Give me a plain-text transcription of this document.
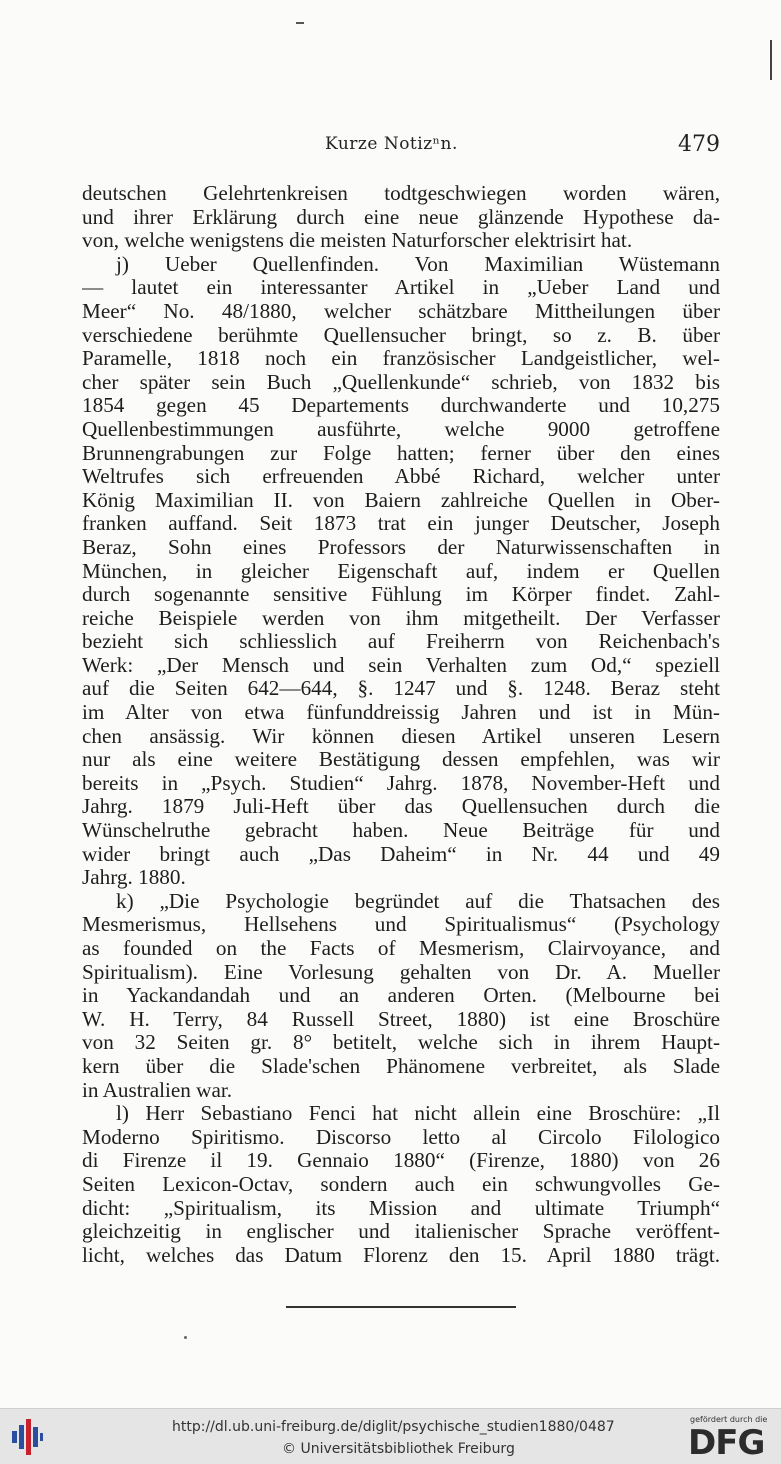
Kurze Notizⁿn.	479
deutschen Gelehrtenkreisen todtgeschwiegen worden wären,
und ihrer Erklärung durch eine neue glänzende Hypothese da-
von, welche wenigstens die meisten Naturforscher elektrisirt hat.
j) Ueber Quellenfinden. Von Maximilian Wüstemann
— lautet ein interessanter Artikel in „Ueber Land und
Meer“ No. 48/1880, welcher schätzbare Mittheilungen über
verschiedene berühmte Quellensucher bringt, so z. B. über
Paramelle, 1818 noch ein französischer Landgeistlicher, wel-
cher später sein Buch „Quellenkunde“ schrieb, von 1832 bis
1854 gegen 45 Departements durchwanderte und 10,275
Quellenbestimmungen ausführte, welche 9000 getroffene
Brunnengrabungen zur Folge hatten; ferner über den eines
Weltrufes sich erfreuenden Abbé Richard, welcher unter
König Maximilian II. von Baiern zahlreiche Quellen in Ober-
franken auffand. Seit 1873 trat ein junger Deutscher, Joseph
Beraz, Sohn eines Professors der Naturwissenschaften in
München, in gleicher Eigenschaft auf, indem er Quellen
durch sogenannte sensitive Fühlung im Körper findet. Zahl-
reiche Beispiele werden von ihm mitgetheilt. Der Verfasser
bezieht sich schliesslich auf Freiherrn von Reichenbach's
Werk: „Der Mensch und sein Verhalten zum Od,“ speziell
auf die Seiten 642—644, §. 1247 und §. 1248. Beraz steht
im Alter von etwa fünfunddreissig Jahren und ist in Mün-
chen ansässig. Wir können diesen Artikel unseren Lesern
nur als eine weitere Bestätigung dessen empfehlen, was wir
bereits in „Psych. Studien“ Jahrg. 1878, November-Heft und
Jahrg. 1879 Juli-Heft über das Quellensuchen durch die
Wünschelruthe gebracht haben. Neue Beiträge für und
wider bringt auch „Das Daheim“ in Nr. 44 und 49
Jahrg. 1880.
k) „Die Psychologie begründet auf die Thatsachen des
Mesmerismus, Hellsehens und Spiritualismus“ (Psychology
as founded on the Facts of Mesmerism, Clairvoyance, and
Spiritualism). Eine Vorlesung gehalten von Dr. A. Mueller
in Yackandandah und an anderen Orten. (Melbourne bei
W. H. Terry, 84 Russell Street, 1880) ist eine Broschüre
von 32 Seiten gr. 8° betitelt, welche sich in ihrem Haupt-
kern über die Slade'schen Phänomene verbreitet, als Slade
in Australien war.
l) Herr Sebastiano Fenci hat nicht allein eine Broschüre: „Il
Moderno Spiritismo. Discorso letto al Circolo Filologico
di Firenze il 19. Gennaio 1880“ (Firenze, 1880) von 26
Seiten Lexicon-Octav, sondern auch ein schwungvolles Ge-
dicht: „Spiritualism, its Mission and ultimate Triumph“
gleichzeitig in englischer und italienischer Sprache veröffent-
licht, welches das Datum Florenz den 15. April 1880 trägt.
http://dl.ub.uni-freiburg.de/diglit/psychische_studien1880/0487
© Universitätsbibliothek Freiburg
gefördert durch die
DFG
